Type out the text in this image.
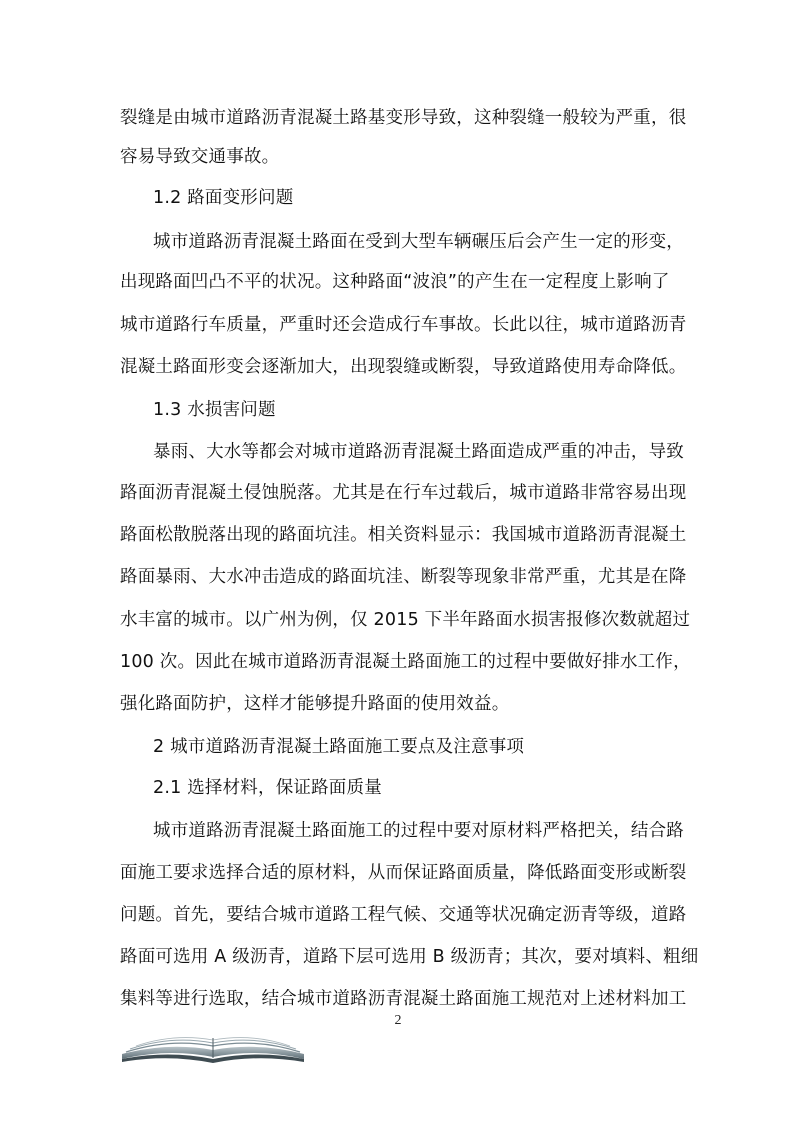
裂缝是由城市道路沥青混凝土路基变形导致，这种裂缝一般较为严重，很
容易导致交通事故。
1.2 路面变形问题
城市道路沥青混凝土路面在受到大型车辆碾压后会产生一定的形变，
出现路面凹凸不平的状况。这种路面“波浪”的产生在一定程度上影响了
城市道路行车质量，严重时还会造成行车事故。长此以往，城市道路沥青
混凝土路面形变会逐渐加大，出现裂缝或断裂，导致道路使用寿命降低。
1.3 水损害问题
暴雨、大水等都会对城市道路沥青混凝土路面造成严重的冲击，导致
路面沥青混凝土侵蚀脱落。尤其是在行车过载后，城市道路非常容易出现
路面松散脱落出现的路面坑洼。相关资料显示：我国城市道路沥青混凝土
路面暴雨、大水冲击造成的路面坑洼、断裂等现象非常严重，尤其是在降
水丰富的城市。以广州为例，仅 2015 下半年路面水损害报修次数就超过
100 次。因此在城市道路沥青混凝土路面施工的过程中要做好排水工作，
强化路面防护，这样才能够提升路面的使用效益。
2 城市道路沥青混凝土路面施工要点及注意事项
2.1 选择材料，保证路面质量
城市道路沥青混凝土路面施工的过程中要对原材料严格把关，结合路
面施工要求选择合适的原材料，从而保证路面质量，降低路面变形或断裂
问题。首先，要结合城市道路工程气候、交通等状况确定沥青等级，道路
路面可选用 A 级沥青，道路下层可选用 B 级沥青；其次，要对填料、粗细
集料等进行选取，结合城市道路沥青混凝土路面施工规范对上述材料加工
2
